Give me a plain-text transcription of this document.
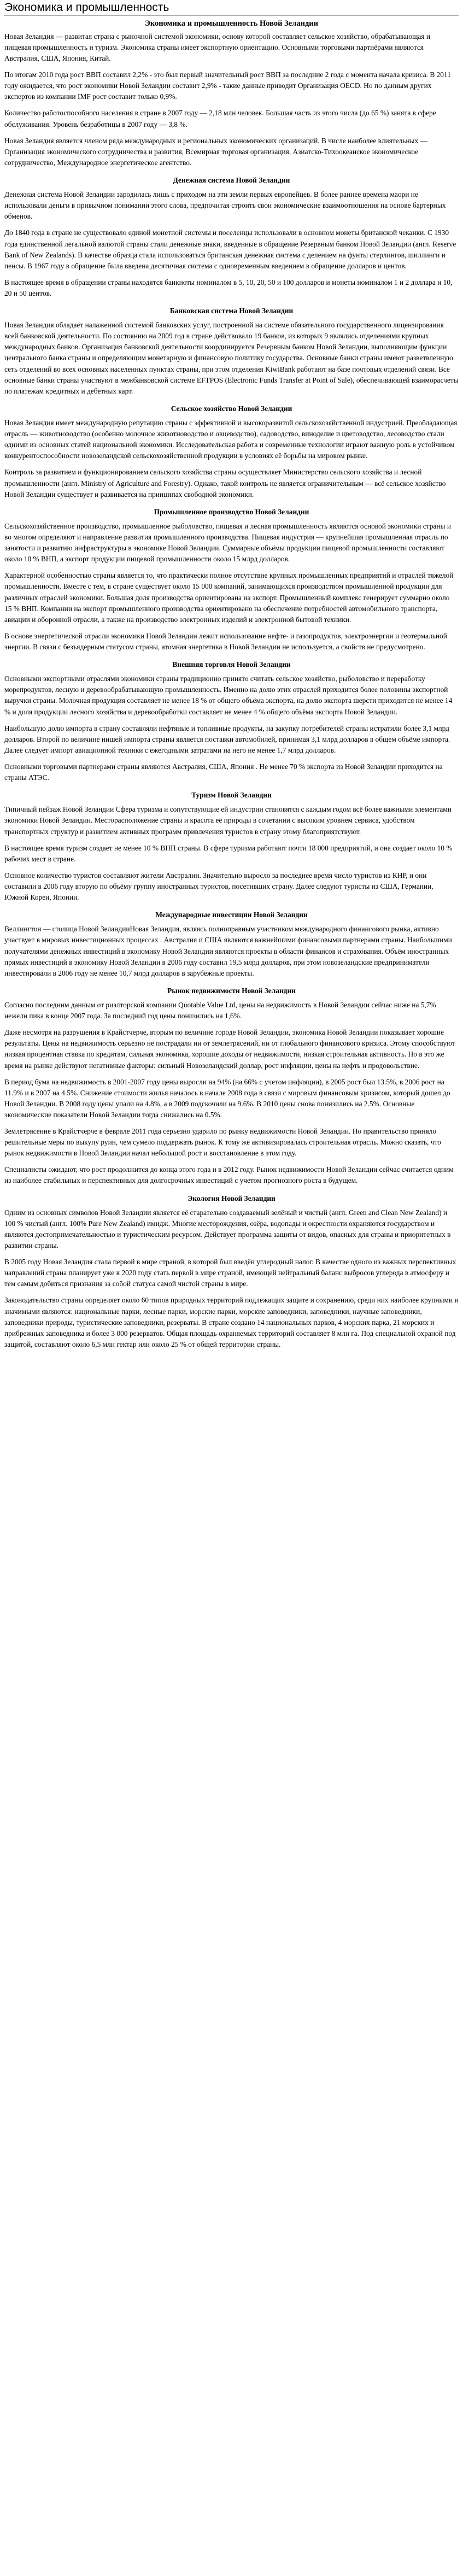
Экономика и промышленность
Экономика и промышленность Новой Зеландии

Новая Зеландия — развитая страна с рыночной системой экономики, основу которой составляет сельское хозяйство, обрабатывающая и пищевая промышленность и туризм. Экономика страны имеет экспортную ориентацию. Основными торговыми партнёрами являются Австралия, США, Япония, Китай.

По итогам 2010 года рост ВВП составил 2,2% - это был первый значительный рост ВВП за последние 2 года с момента начала кризиса. В 2011 году ожидается, что рост экономики Новой Зеландии составит 2,9% - такие данные приводит Организация OECD. Но по данным других экспертов из компании IMF рост составит только 0,9%.

Количество работоспособного населения в стране в 2007 году — 2,18 млн человек. Большая часть из этого числа (до 65 %) занята в сфере обслуживания. Уровень безработицы в 2007 году — 3,8 %.

Новая Зеландия является членом ряда международных и региональных экономических организаций. В числе наиболее влиятельных — Организация экономического сотрудничества и развития, Всемирная торговая организация, Азиатско-Тихоокеанское экономическое сотрудничество, Международное энергетическое агентство.

Денежная система Новой Зеландии

Денежная система Новой Зеландии зародилась лишь с приходом на эти земли первых европейцев. В более раннее времена маори не использовали деньги в привычном понимании этого слова, предпочитая строить свои экономические взаимоотношения на основе бартерных обменов.

До 1840 года в стране не существовало единой монетной системы и поселенцы использовали в основном монеты британской чеканки. С 1930 года единственной легальной валютой страны стали денежные знаки, введенные в обращение Резервным банком Новой Зеландии (англ. Reserve Bank of New Zealands). В качестве образца стала использоваться британская денежная система с делением на фунты стерлингов, шиллинги и пенсы. В 1967 году в обращение была введена десятичная система с одновременным введением в обращение долларов и центов.

В настоящее время в обращении страны находятся банкноты номиналом в 5, 10, 20, 50 и 100 долларов и монеты номиналом 1 и 2 доллара и 10, 20 и 50 центов.

Банковская система Новой Зеландии

Новая Зеландия обладает налаженной системой банковских услуг, построенной на системе обязательного государственного лицензирования всей банковской деятельности. По состоянию на 2009 год в стране действовало 19 банков, из которых 9 являлись отделениями крупных международных банков. Организация банковской деятельности координируется Резервным банком Новой Зеландии, выполняющим функции центрального банка страны и определяющим монетарную и финансовую политику государства. Основные банки страны имеют разветвленную сеть отделений во всех основных населенных пунктах страны, при этом отделения KiwiBank работают на базе почтовых отделений связи. Все основные банки страны участвуют в межбанковской системе EFTPOS (Electronic Funds Transfer at Point of Sale), обеспечивающей взаиморасчеты по платежам кредитных и дебетных карт.

Сельское хозяйство Новой Зеландии

Новая Зеландия имеет международную репутацию страны с эффективной и высокоразвитой сельскохозяйственной индустрией. Преобладающая отрасль — животноводство (особенно молочное животноводство и овцеводство), садоводство, виноделие и цветоводство, лесоводство стали одними из основных статей национальной экономики. Исследовательская работа и современные технологии играют важную роль в устойчивом конкурентоспособности новозеландской сельскохозяйственной продукции в условиях её борьбы на мировом рынке.

Контроль за развитием и функционированием сельского хозяйства страны осуществляет Министерство сельского хозяйства и лесной промышленности (англ. Ministry of Agriculture and Forestry). Однако, такой контроль не является ограничительным — всё сельское хозяйство Новой Зеландии существует и развивается на принципах свободной экономики.

Промышленное производство Новой Зеландии

Сельскохозяйственное производство, промышленное рыболовство, пищевая и лесная промышленность являются основой экономики страны и во многом определяют и направление развития промышленного производства. Пищевая индустрия — крупнейшая промышленная отрасль по занятости и развитию инфраструктуры в экономике Новой Зеландии. Суммарные объёмы продукции пищевой промышленности составляют около 10 % ВНП, а экспорт продукции пищевой промышленности около 15 млрд долларов.

Характерной особенностью страны является то, что практически полное отсутствие крупных промышленных предприятий и отраслей тяжелой промышленности. Вместе с тем, в стране существует около 15 000 компаний, занимающихся производством промышленной продукции для различных отраслей экономики. Большая доля производства ориентирована на экспорт. Промышленный комплекс генерирует суммарно около 15 % ВНП. Компании на экспорт промышленного производства ориентировано на обеспечение потребностей автомобильного транспорта, авиации и оборонной отрасли, а также на производство электронных изделий и электронной бытовой техники.

В основе энергетической отрасли экономики Новой Зеландии лежит использование нефте- и газопродуктов, электроэнергии и геотермальной энергии. В связи с безъядерным статусом страны, атомная энергетика в Новой Зеландии не используется, а свойств не предусмотрено.

Внешняя торговля Новой Зеландии

Основными экспортными отраслями экономики страны традиционно принято считать сельское хозяйство, рыболовство и переработку морепродуктов, лесную и деревообрабатывающую промышленность. Именно на долю этих отраслей приходится более половины экспортной выручки страны. Молочная продукция составляет не менее 18 % от общего объёма экспорта, на долю экспорта шерсти приходится не менее 14 % и доля продукции лесного хозяйства и деревообработки составляет не менее 4 % общего объёма экспорта Новой Зеландии.

Наибольшую долю импорта в страну составляли нефтяные и топливные продукты, на закупку потребителей страны истратили более 3,1 млрд долларов. Второй по величине нишей импорта страны является поставки автомобилей, принимая 3,1 млрд долларов в общем объёме импорта. Далее следует импорт авиационной техники с ежегодными затратами на него не менее 1,7 млрд долларов.

Основными торговыми партнерами страны являются Австралия, США, Япония . Не менее 70 % экспорта из Новой Зеландии приходится на страны АТЭС.

Туризм Новой Зеландии

Типичный пейзаж Новой Зеландии Сфера туризма и сопутствующие ей индустрии становятся с каждым годом всё более важными элементами экономики Новой Зеландии. Месторасположение страны и красота её природы в сочетании с высоким уровнем сервиса, удобством транспортных структур и развитием активных программ привлечения туристов в страну этому благоприятствуют.

В настоящее время туризм создает не менее 10 % ВНП страны. В сфере туризма работают почти 18 000 предприятий, и она создает около 10 % рабочих мест в стране.

Основное количество туристов составляют жители Австралии. Значительно выросло за последнее время число туристов из КНР, и они составили в 2006 году вторую по объёму группу иностранных туристов, посетивших страну. Далее следуют туристы из США, Германии, Южной Кореи, Японии.

Международные инвестиции Новой Зеландии

Веллингтон — столица Новой ЗеландииНовая Зеландия, являясь полноправным участником международного финансового рынка, активно участвует в мировых инвестиционных процессах . Австралия и США являются важнейшими финансовыми партнерами страны. Наибольшими получателями денежных инвестиций в экономику Новой Зеландии являются проекты в области финансов и страхования. Объём иностранных прямых инвестиций в экономику Новой Зеландии в 2006 году составил 19,5 млрд долларов, при этом новозеландские предприниматели инвестировали в 2006 году не менее 10,7 млрд долларов в зарубежные проекты.

Рынок недвижимости Новой Зеландии

Согласно последним данным от риэлторской компании Quotable Value Ltd, цены на недвижимость в Новой Зеландии сейчас ниже на 5,7% нежели пика в конце 2007 года. За последний год цены понизились на 1,6%.

Даже несмотря на разрушения в Крайстчерче, вторым по величине городе Новой Зеландии, экономика Новой Зеландии показывает хорошие результаты. Цены на недвижимость серьезно не пострадали ни от землетрясений, ни от глобального финансового кризиса. Этому способствуют низкая процентная ставка по кредитам, сильная экономика, хорошие доходы от недвижимости, низкая строительная активность. Но в это же время на рынке действуют негативные факторы: сильный Новозеландский доллар, рост инфляции, цены на нефть и продовольствие.

В период бума на недвижимость в 2001-2007 году цены выросли на 94% (на 66% с учетом инфляции), в 2005 рост был 13.5%, в 2006 рост на 11.9% и в 2007 на 4.5%. Снижение стоимости жилья началось в начале 2008 года в связи с мировым финансовым кризисом, который дошел до Новой Зеландии. В 2008 году цены упали на 4.8%, а в 2009 подскочили на 9.6%. В 2010 цены снова понизились на 2.5%. Основные экономические показатели Новой Зеландии тогда снижались на 0.5%.

Землетрясение в Крайстчерче в феврале 2011 года серьезно ударило по рынку недвижимости Новой Зеландии. Но правительство приняло решительные меры по выкупу руин, чем сумело поддержать рынок. К тому же активизировалась строительная отрасль. Можно сказать, что рынок недвижимости в Новой Зеландии начал небольшой рост и восстановление в этом году.

Специалисты ожидают, что рост продолжится до конца этого года и в 2012 году. Рынок недвижимости Новой Зеландии сейчас считается одним из наиболее стабильных и перспективных для долгосрочных инвестиций с учетом прогнозного роста в будущем.

Экология Новой Зеландии

Одним из основных символов Новой Зеландии является её старательно создаваемый зелёный и чистый (англ. Green and Clean New Zealand) и 100 % чистый (англ. 100% Pure New Zealand) имидж. Многие месторождения, озёра, водопады и окрестности охраняются государством и являются достопримечательностью и туристическим ресурсом. Действует программа защиты от видов, опасных для страны и приоритетных в развитии страны.

В 2005 году Новая Зеландия стала первой в мире страной, в которой был введён углеродный налог. В качестве одного из важных перспективных направлений страна планирует уже к 2020 году стать первой в мире страной, имеющей нейтральный баланс выбросов углерода в атмосферу и тем самым добиться признания за собой статуса самой чистой страны в мире.

Законодательство страны определяет около 60 типов природных территорий подлежащих защите и сохранению, среди них наиболее крупными и значимыми являются: национальные парки, лесные парки, морские парки, морские заповедники, заповедники, научные заповедники, заповедники природы, туристические заповедники, резерваты. В стране создано 14 национальных парков, 4 морских парка, 21 морских и прибрежных заповедника и более 3 000 резерватов. Общая площадь охраняемых территорий составляет 8 млн га. Под специальной охраной под защитой, составляют около 6,5 млн гектар или около 25 % от общей территории страны.
